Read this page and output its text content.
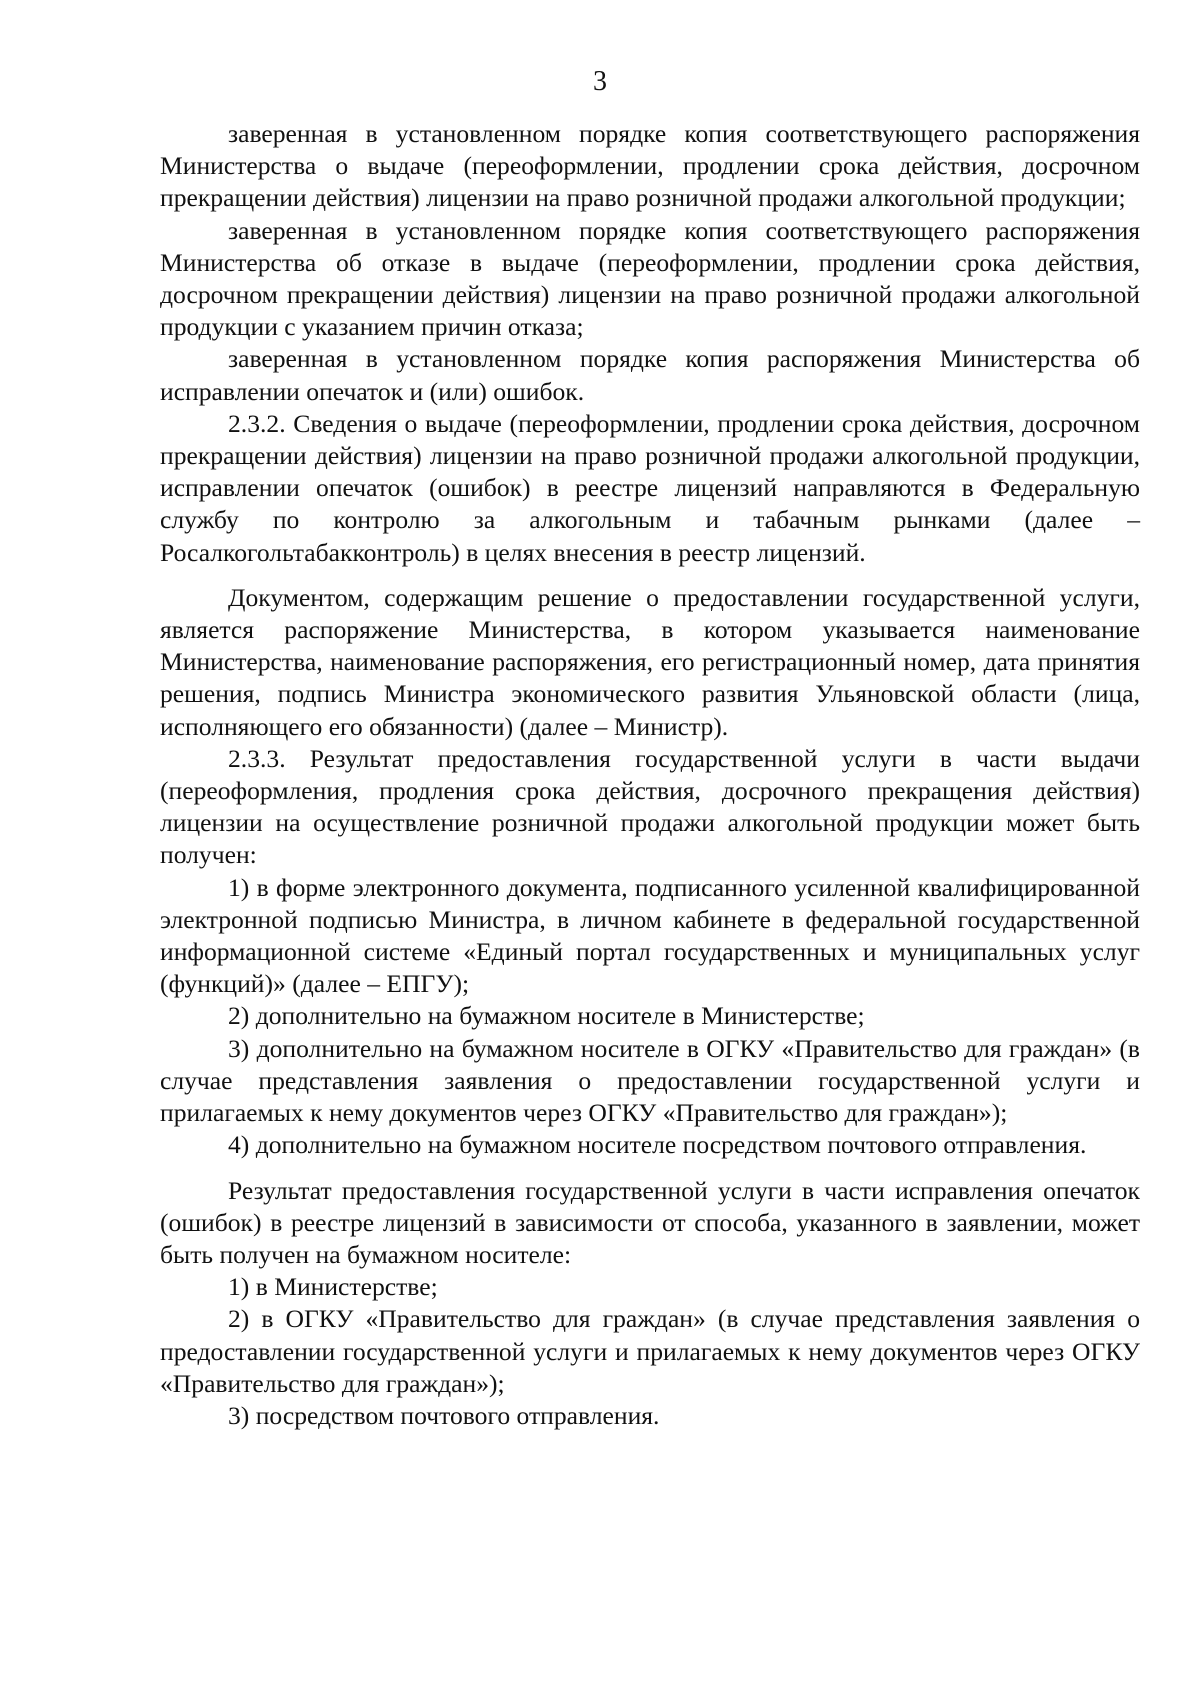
3

заверенная в установленном порядке копия соответствующего распоряжения Министерства о выдаче (переоформлении, продлении срока действия, досрочном прекращении действия) лицензии на право розничной продажи алкогольной продукции;

заверенная в установленном порядке копия соответствующего распоряжения Министерства об отказе в выдаче (переоформлении, продлении срока действия, досрочном прекращении действия) лицензии на право розничной продажи алкогольной продукции с указанием причин отказа;

заверенная в установленном порядке копия распоряжения Министерства об исправлении опечаток и (или) ошибок.

2.3.2. Сведения о выдаче (переоформлении, продлении срока действия, досрочном прекращении действия) лицензии на право розничной продажи алкогольной продукции, исправлении опечаток (ошибок) в реестре лицензий направляются в Федеральную службу по контролю за алкогольным и табачным рынками (далее – Росалкогольтабакконтроль) в целях внесения в реестр лицензий.

Документом, содержащим решение о предоставлении государственной услуги, является распоряжение Министерства, в котором указывается наименование Министерства, наименование распоряжения, его регистрационный номер, дата принятия решения, подпись Министра экономического развития Ульяновской области (лица, исполняющего его обязанности) (далее – Министр).

2.3.3. Результат предоставления государственной услуги в части выдачи (переоформления, продления срока действия, досрочного прекращения действия) лицензии на осуществление розничной продажи алкогольной продукции может быть получен:

1) в форме электронного документа, подписанного усиленной квалифицированной электронной подписью Министра, в личном кабинете в федеральной государственной информационной системе «Единый портал государственных и муниципальных услуг (функций)» (далее – ЕПГУ);

2) дополнительно на бумажном носителе в Министерстве;

3) дополнительно на бумажном носителе в ОГКУ «Правительство для граждан» (в случае представления заявления о предоставлении государственной услуги и прилагаемых к нему документов через ОГКУ «Правительство для граждан»);

4) дополнительно на бумажном носителе посредством почтового отправления.

Результат предоставления государственной услуги в части исправления опечаток (ошибок) в реестре лицензий в зависимости от способа, указанного в заявлении, может быть получен на бумажном носителе:

1) в Министерстве;

2) в ОГКУ «Правительство для граждан» (в случае представления заявления о предоставлении государственной услуги и прилагаемых к нему документов через ОГКУ «Правительство для граждан»);

3) посредством почтового отправления.
